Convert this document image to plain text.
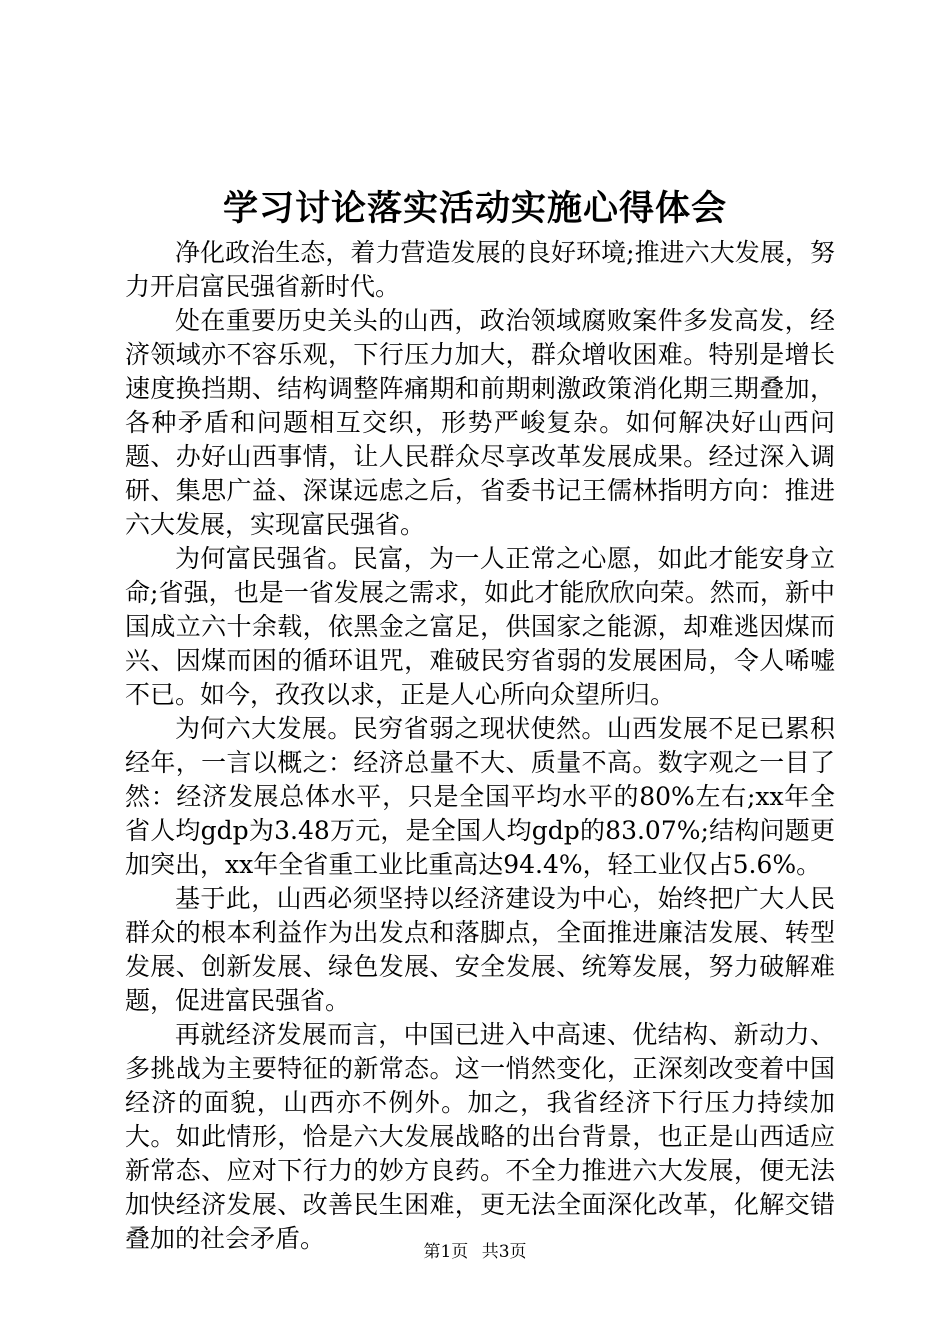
学习讨论落实活动实施心得体会

净化政治生态，着力营造发展的良好环境;推进六大发展，努力开启富民强省新时代。

处在重要历史关头的山西，政治领域腐败案件多发高发，经济领域亦不容乐观，下行压力加大，群众增收困难。特别是增长速度换挡期、结构调整阵痛期和前期刺激政策消化期三期叠加，各种矛盾和问题相互交织，形势严峻复杂。如何解决好山西问题、办好山西事情，让人民群众尽享改革发展成果。经过深入调研、集思广益、深谋远虑之后，省委书记王儒林指明方向：推进六大发展，实现富民强省。

为何富民强省。民富，为一人正常之心愿，如此才能安身立命;省强，也是一省发展之需求，如此才能欣欣向荣。然而，新中国成立六十余载，依黑金之富足，供国家之能源，却难逃因煤而兴、因煤而困的循环诅咒，难破民穷省弱的发展困局，令人唏嘘不已。如今，孜孜以求，正是人心所向众望所归。

为何六大发展。民穷省弱之现状使然。山西发展不足已累积经年，一言以概之：经济总量不大、质量不高。数字观之一目了然：经济发展总体水平，只是全国平均水平的80%左右;xx年全省人均gdp为3.48万元，是全国人均gdp的83.07%;结构问题更加突出，xx年全省重工业比重高达94.4%，轻工业仅占5.6%。

基于此，山西必须坚持以经济建设为中心，始终把广大人民群众的根本利益作为出发点和落脚点，全面推进廉洁发展、转型发展、创新发展、绿色发展、安全发展、统筹发展，努力破解难题，促进富民强省。

再就经济发展而言，中国已进入中高速、优结构、新动力、多挑战为主要特征的新常态。这一悄然变化，正深刻改变着中国经济的面貌，山西亦不例外。加之，我省经济下行压力持续加大。如此情形，恰是六大发展战略的出台背景，也正是山西适应新常态、应对下行力的妙方良药。不全力推进六大发展，便无法加快经济发展、改善民生困难，更无法全面深化改革，化解交错叠加的社会矛盾。	第1页 共3页
